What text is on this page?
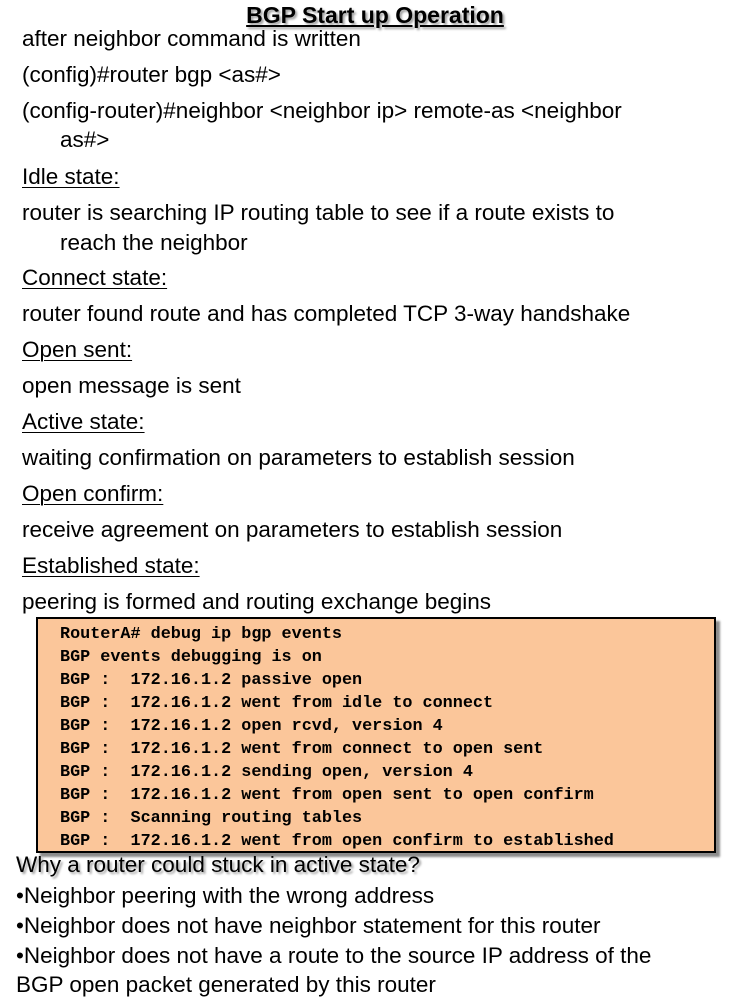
BGP Start up Operation
after neighbor command is written
(config)#router bgp <as#>
(config-router)#neighbor <neighbor ip> remote-as <neighbor
as#>
Idle state:
router is searching IP routing table to see if a route exists to
reach the neighbor
Connect state:
router found route and has completed TCP 3-way handshake
Open sent:
open message is sent
Active state:
waiting confirmation on parameters to establish session
Open confirm:
receive agreement on parameters to establish session
Established state:
peering is formed and routing exchange begins
RouterA# debug ip bgp events
BGP events debugging is on
BGP :  172.16.1.2 passive open
BGP :  172.16.1.2 went from idle to connect
BGP :  172.16.1.2 open rcvd, version 4
BGP :  172.16.1.2 went from connect to open sent
BGP :  172.16.1.2 sending open, version 4
BGP :  172.16.1.2 went from open sent to open confirm
BGP :  Scanning routing tables
BGP :  172.16.1.2 went from open confirm to established
Why a router could stuck in active state?
•Neighbor peering with the wrong address
•Neighbor does not have neighbor statement for this router
•Neighbor does not have a route to the source IP address of the
BGP open packet generated by this router
